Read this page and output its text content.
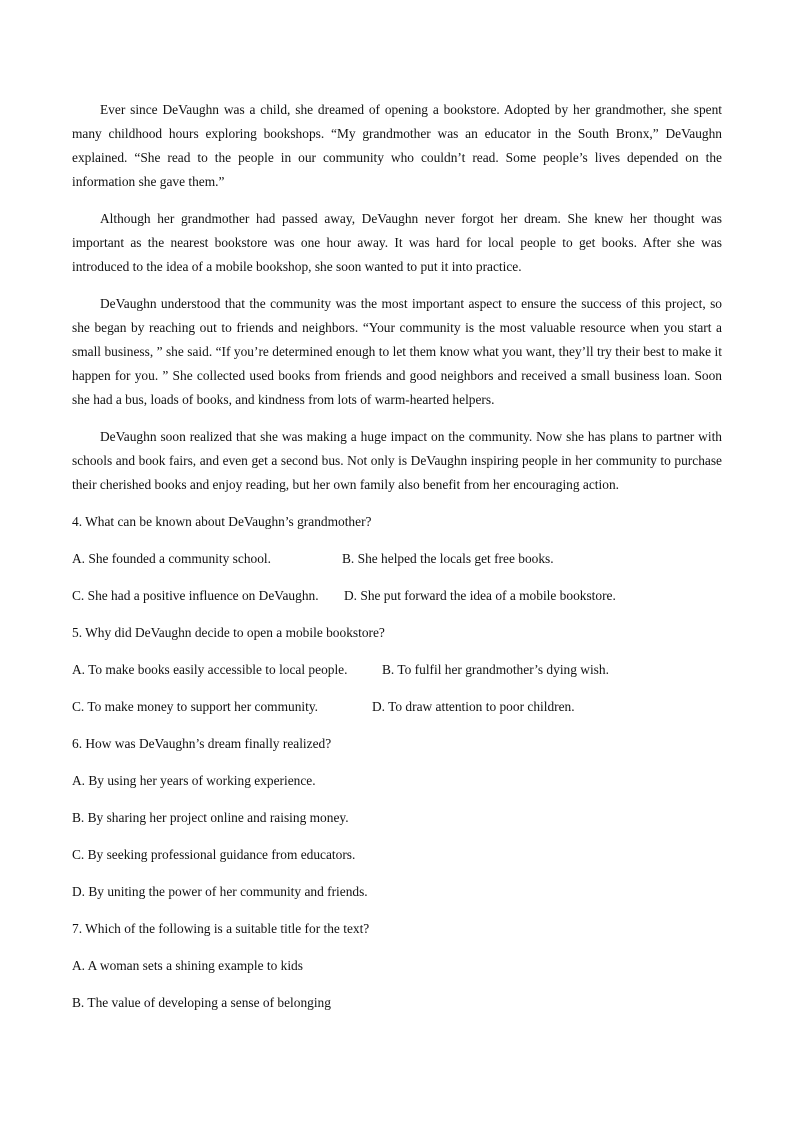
Ever since DeVaughn was a child, she dreamed of opening a bookstore. Adopted by her grandmother, she spent many childhood hours exploring bookshops. “My grandmother was an educator in the South Bronx,” DeVaughn explained. “She read to the people in our community who couldn’t read. Some people’s lives depended on the information she gave them.”

Although her grandmother had passed away, DeVaughn never forgot her dream. She knew her thought was important as the nearest bookstore was one hour away. It was hard for local people to get books. After she was introduced to the idea of a mobile bookshop, she soon wanted to put it into practice.

DeVaughn understood that the community was the most important aspect to ensure the success of this project, so she began by reaching out to friends and neighbors. “Your community is the most valuable resource when you start a small business, ” she said. “If you’re determined enough to let them know what you want, they’ll try their best to make it happen for you. ” She collected used books from friends and good neighbors and received a small business loan. Soon she had a bus, loads of books, and kindness from lots of warm-hearted helpers.

DeVaughn soon realized that she was making a huge impact on the community. Now she has plans to partner with schools and book fairs, and even get a second bus. Not only is DeVaughn inspiring people in her community to purchase their cherished books and enjoy reading, but her own family also benefit from her encouraging action.

4. What can be known about DeVaughn’s grandmother?

A. She founded a community school.	B. She helped the locals get free books.
C. She had a positive influence on DeVaughn.	D. She put forward the idea of a mobile bookstore.

5. Why did DeVaughn decide to open a mobile bookstore?

A. To make books easily accessible to local people.	B. To fulfil her grandmother’s dying wish.
C. To make money to support her community.	D. To draw attention to poor children.

6. How was DeVaughn’s dream finally realized?

A. By using her years of working experience.

B. By sharing her project online and raising money.

C. By seeking professional guidance from educators.

D. By uniting the power of her community and friends.

7. Which of the following is a suitable title for the text?

A. A woman sets a shining example to kids

B. The value of developing a sense of belonging
